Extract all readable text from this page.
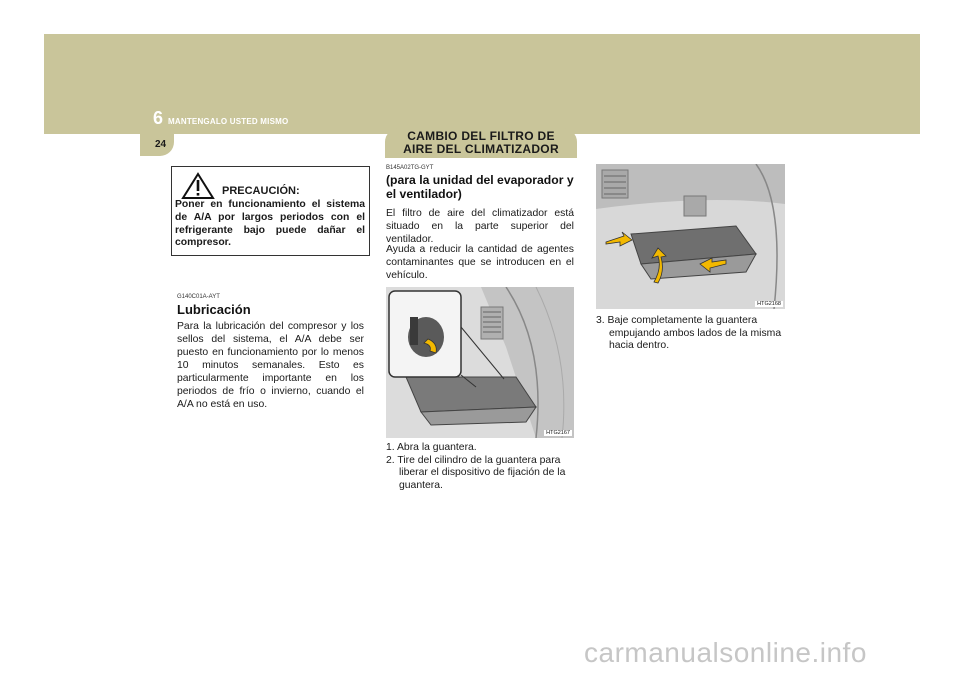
6 MANTENGALO USTED MISMO
24
CAMBIO DEL FILTRO DE
AIRE DEL CLIMATIZADOR
PRECAUCIÓN:
Poner en funcionamiento el sistema de A/A por largos periodos con el refrigerante bajo puede dañar el compresor.
G140C01A-AYT
Lubricación
Para la lubricación del compresor y los sellos del sistema, el A/A debe ser puesto en funcionamiento por lo menos 10 minutos semanales. Esto es particularmente importante en los periodos de frío o invierno, cuando el A/A no está en uso.
B145A02TG-GYT
(para la unidad del evaporador y el ventilador)
El filtro de aire del climatizador está situado en la parte superior del ventilador.
Ayuda a reducir la cantidad de agentes contaminantes que se introducen en el vehículo.
HTG2167
1. Abra la guantera.
2. Tire del cilindro de la guantera para liberar el dispositivo de fijación de la guantera.
HTG2168
3. Baje completamente la guantera empujando ambos lados de la misma hacia dentro.
carmanualsonline.info
